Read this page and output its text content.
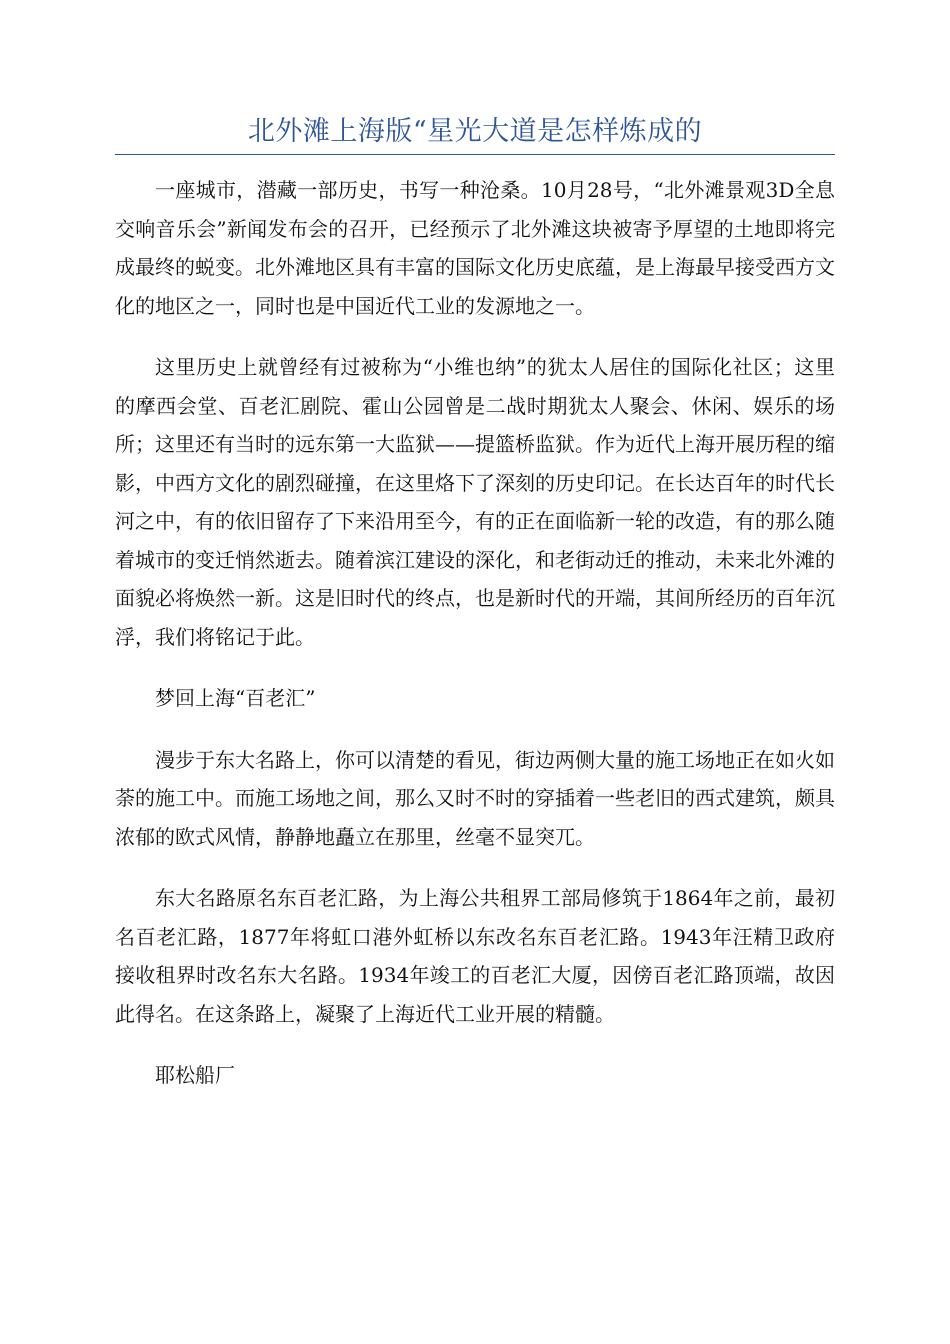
北外滩上海版“星光大道是怎样炼成的

一座城市，潜藏一部历史，书写一种沧桑。10月28号，“北外滩景观3D全息交响音乐会”新闻发布会的召开，已经预示了北外滩这块被寄予厚望的土地即将完成最终的蜕变。北外滩地区具有丰富的国际文化历史底蕴，是上海最早接受西方文化的地区之一，同时也是中国近代工业的发源地之一。

这里历史上就曾经有过被称为“小维也纳”的犹太人居住的国际化社区；这里的摩西会堂、百老汇剧院、霍山公园曾是二战时期犹太人聚会、休闲、娱乐的场所；这里还有当时的远东第一大监狱——提篮桥监狱。作为近代上海开展历程的缩影，中西方文化的剧烈碰撞，在这里烙下了深刻的历史印记。在长达百年的时代长河之中，有的依旧留存了下来沿用至今，有的正在面临新一轮的改造，有的那么随着城市的变迁悄然逝去。随着滨江建设的深化，和老街动迁的推动，未来北外滩的面貌必将焕然一新。这是旧时代的终点，也是新时代的开端，其间所经历的百年沉浮，我们将铭记于此。

梦回上海“百老汇”

漫步于东大名路上，你可以清楚的看见，街边两侧大量的施工场地正在如火如荼的施工中。而施工场地之间，那么又时不时的穿插着一些老旧的西式建筑，颇具浓郁的欧式风情，静静地矗立在那里，丝毫不显突兀。

东大名路原名东百老汇路，为上海公共租界工部局修筑于1864年之前，最初名百老汇路，1877年将虹口港外虹桥以东改名东百老汇路。1943年汪精卫政府接收租界时改名东大名路。1934年竣工的百老汇大厦，因傍百老汇路顶端，故因此得名。在这条路上，凝聚了上海近代工业开展的精髓。

耶松船厂
